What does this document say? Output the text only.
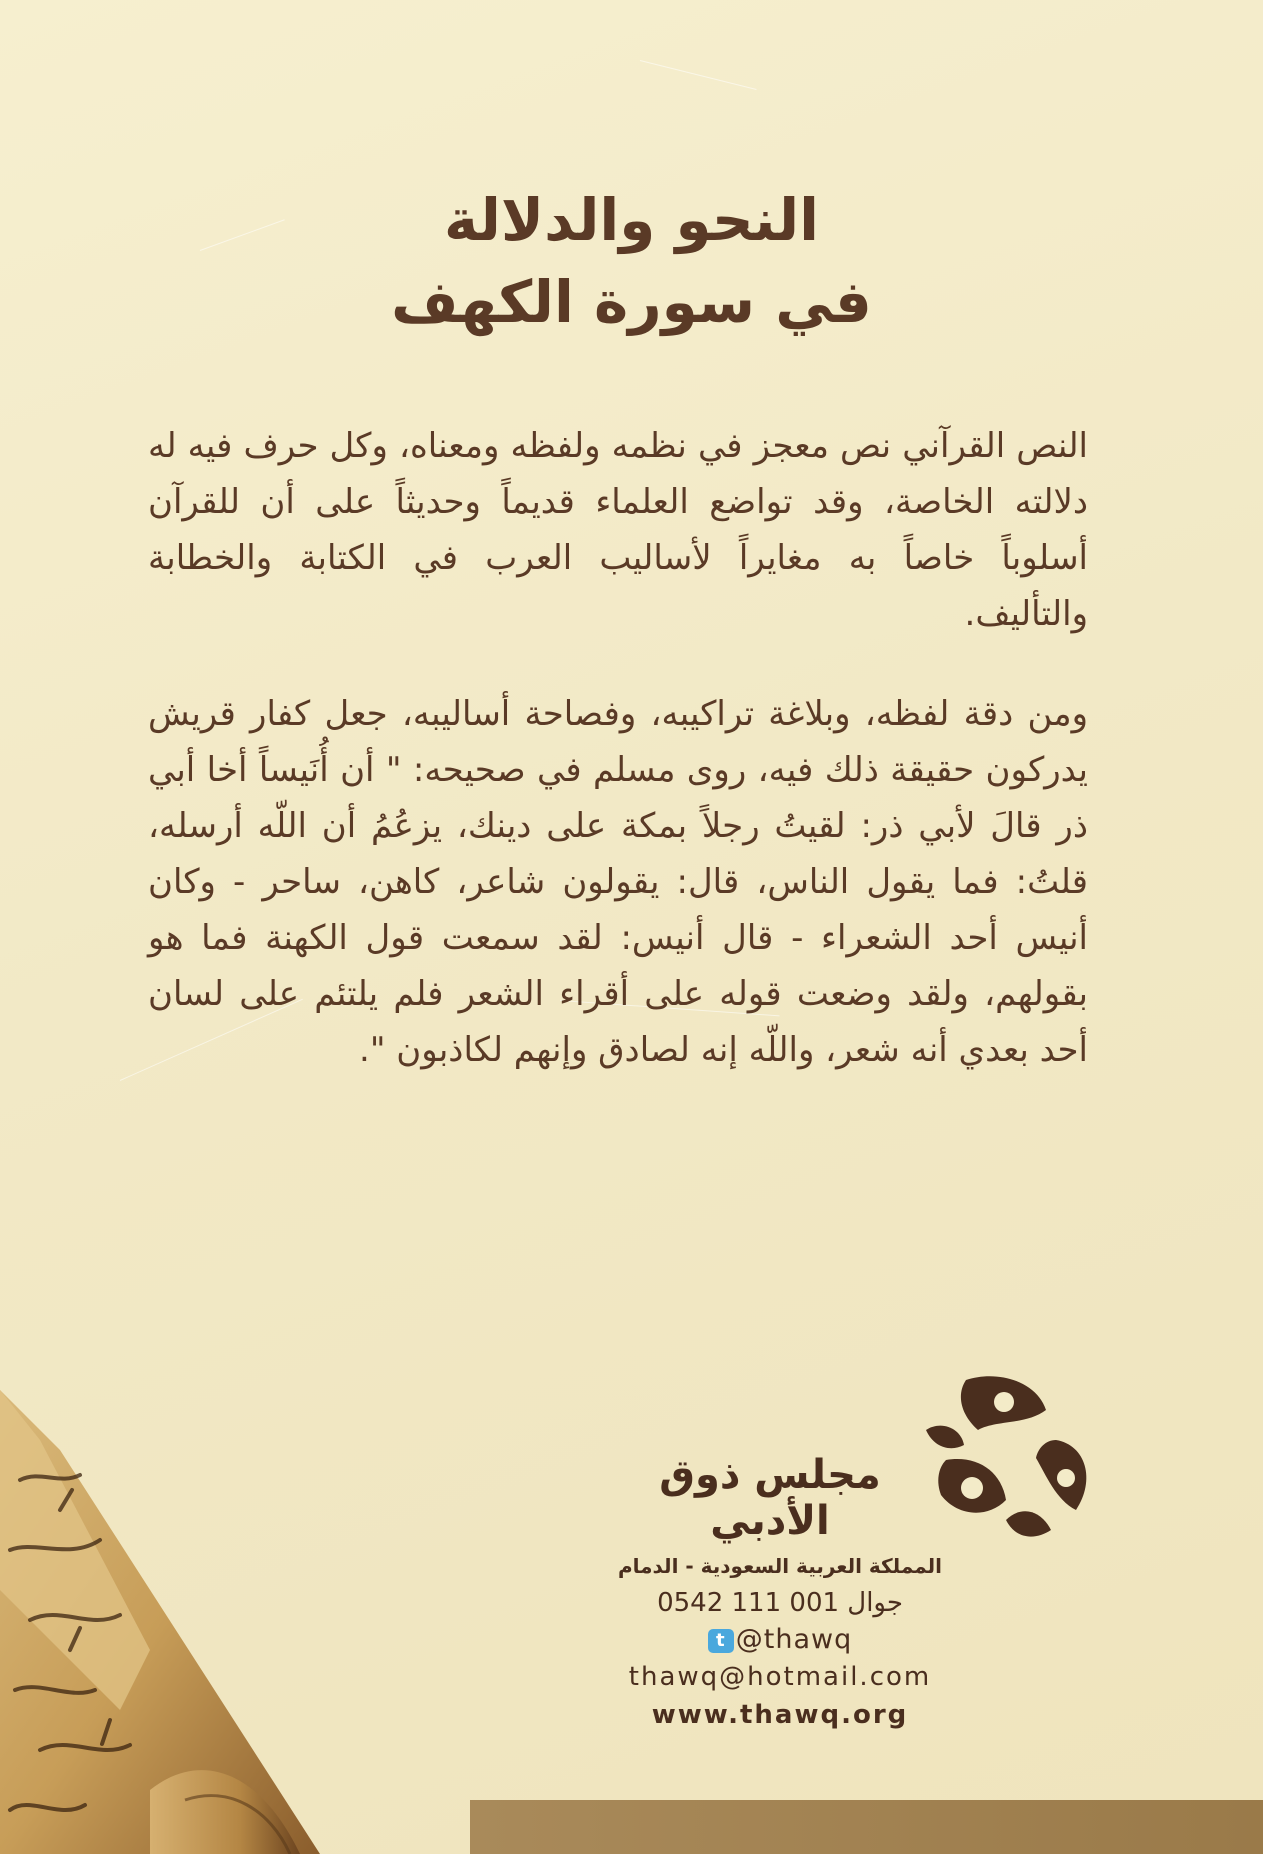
النحو والدلالة
في سورة الكهف

النص القرآني نص معجز في نظمه ولفظه ومعناه، وكل حرف فيه له دلالته الخاصة، وقد تواضع العلماء قديماً وحديثاً على أن للقرآن أسلوباً خاصاً به مغايراً لأساليب العرب في الكتابة والخطابة والتأليف.

ومن دقة لفظه، وبلاغة تراكيبه، وفصاحة أساليبه، جعل كفار قريش يدركون حقيقة ذلك فيه، روى مسلم في صحيحه: " أن أُنَيساً أخا أبي ذر قالَ لأبي ذر: لقيتُ رجلاً بمكة على دينك، يزعُمُ أن اللّه أرسله، قلتُ: فما يقول الناس، قال: يقولون شاعر، كاهن، ساحر - وكان أنيس أحد الشعراء - قال أنيس: لقد سمعت قول الكهنة فما هو بقولهم، ولقد وضعت قوله على أقراء الشعر فلم يلتئم على لسان أحد بعدي أنه شعر، واللّه إنه لصادق وإنهم لكاذبون ".

مجلس ذوق الأدبي
المملكة العربية السعودية - الدمام
جوال 0542 111 001
t @thawq
thawq@hotmail.com
www.thawq.org
